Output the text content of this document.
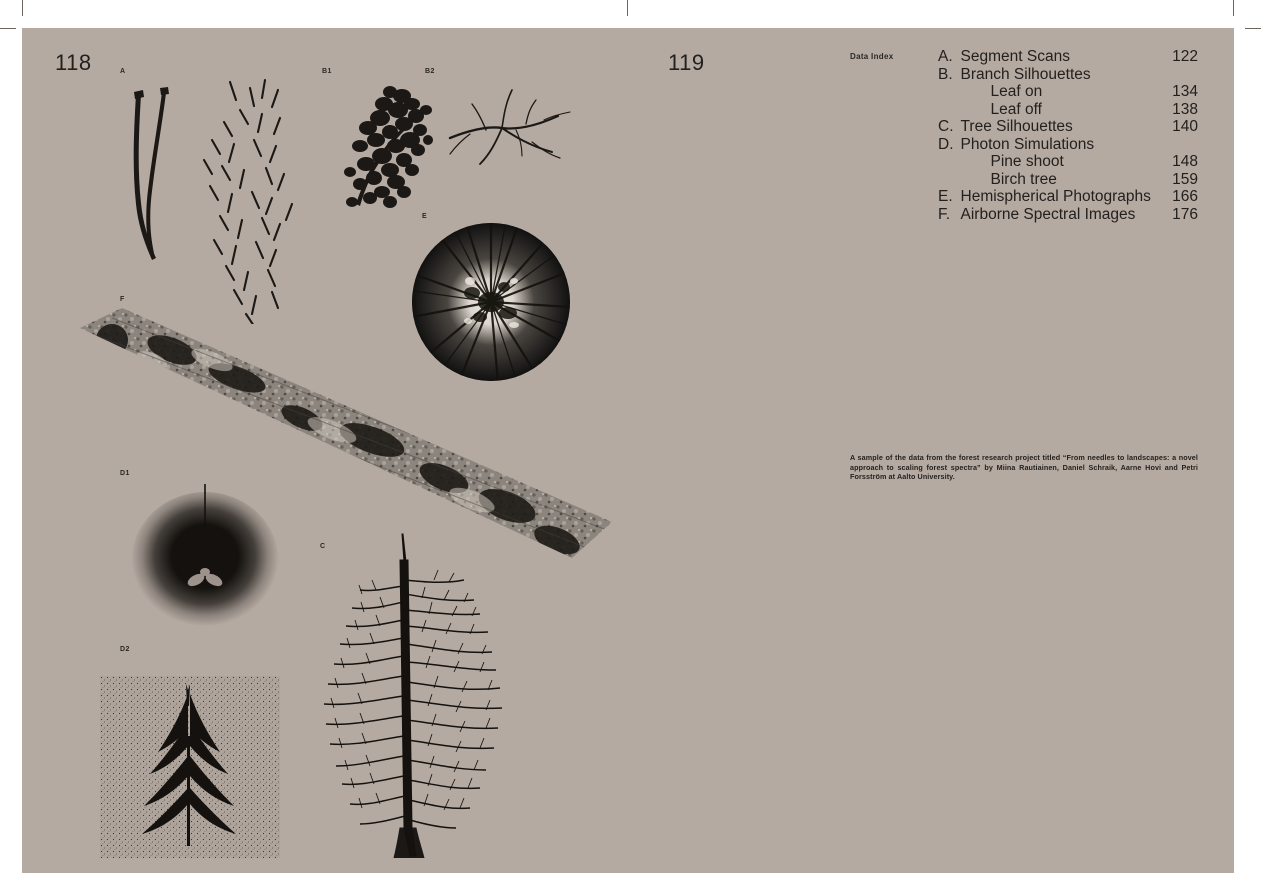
118	119
A	B1	B2
E
F
D1
D2
C
Data Index	A.	Segment Scans	122
B.	Branch Silhouettes	
	Leaf on	134
	Leaf off	138
C.	Tree Silhouettes	140
D.	Photon Simulations	
	Pine shoot	148
	Birch tree	159
E.	Hemispherical Photographs	166
F.	Airborne Spectral Images	176
A sample of the data from the forest research project titled “From needles to landscapes: a novel approach to scaling forest spectra” by Miina Rautiainen, Daniel Schraik, Aarne Hovi and Petri Forsström at Aalto University.
